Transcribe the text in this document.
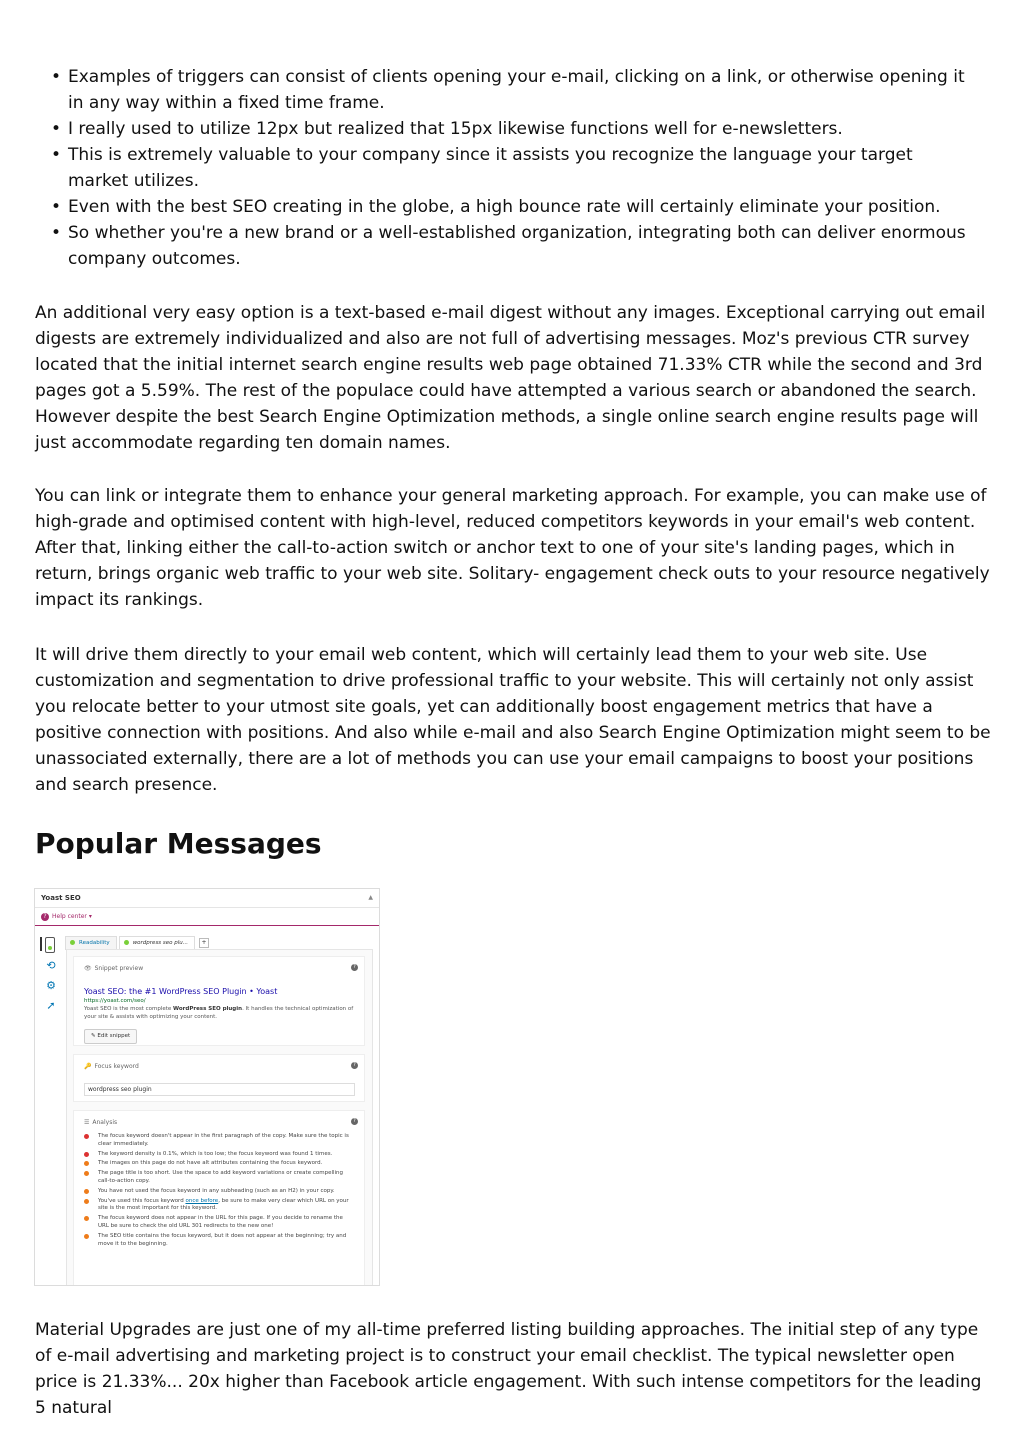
• Examples of triggers can consist of clients opening your e-mail, clicking on a link, or otherwise opening it in any way within a fixed time frame.
• I really used to utilize 12px but realized that 15px likewise functions well for e-newsletters.
• This is extremely valuable to your company since it assists you recognize the language your target market utilizes.
• Even with the best SEO creating in the globe, a high bounce rate will certainly eliminate your position.
• So whether you're a new brand or a well-established organization, integrating both can deliver enormous company outcomes.

An additional very easy option is a text-based e-mail digest without any images. Exceptional carrying out email digests are extremely individualized and also are not full of advertising messages. Moz's previous CTR survey located that the initial internet search engine results web page obtained 71.33% CTR while the second and 3rd pages got a 5.59%. The rest of the populace could have attempted a various search or abandoned the search. However despite the best Search Engine Optimization methods, a single online search engine results page will just accommodate regarding ten domain names.

You can link or integrate them to enhance your general marketing approach. For example, you can make use of high-grade and optimised content with high-level, reduced competitors keywords in your email's web content. After that, linking either the call-to-action switch or anchor text to one of your site's landing pages, which in return, brings organic web traffic to your web site. Solitary- engagement check outs to your resource negatively impact its rankings.

It will drive them directly to your email web content, which will certainly lead them to your web site. Use customization and segmentation to drive professional traffic to your website. This will certainly not only assist you relocate better to your utmost site goals, yet can additionally boost engagement metrics that have a positive connection with positions. And also while e-mail and also Search Engine Optimization might seem to be unassociated externally, there are a lot of methods you can use your email campaigns to boost your positions and search presence.

Popular Messages
Yoast SEO	▲
? Help center ▾
⟲
⚙
➚
Readability	wordpress seo plu... +
👁 Snippet preview	?
Yoast SEO: the #1 WordPress SEO Plugin • Yoast
https://yoast.com/seo/
Yoast SEO is the most complete WordPress SEO plugin. It handles the technical optimization of your site & assists with optimizing your content.
✎ Edit snippet
🔑 Focus keyword	?
wordpress seo plugin
☰ Analysis	?
The focus keyword doesn't appear in the first paragraph of the copy. Make sure the topic is clear immediately.
The keyword density is 0.1%, which is too low; the focus keyword was found 1 times.
The images on this page do not have alt attributes containing the focus keyword.
The page title is too short. Use the space to add keyword variations or create compelling call-to-action copy.
You have not used the focus keyword in any subheading (such as an H2) in your copy.
You've used this focus keyword once before, be sure to make very clear which URL on your site is the most important for this keyword.
The focus keyword does not appear in the URL for this page. If you decide to rename the URL be sure to check the old URL 301 redirects to the new one!
The SEO title contains the focus keyword, but it does not appear at the beginning; try and move it to the beginning.

Material Upgrades are just one of my all-time preferred listing building approaches. The initial step of any type of e-mail advertising and marketing project is to construct your email checklist. The typical newsletter open price is 21.33%... 20x higher than Facebook article engagement. With such intense competitors for the leading 5 natural
